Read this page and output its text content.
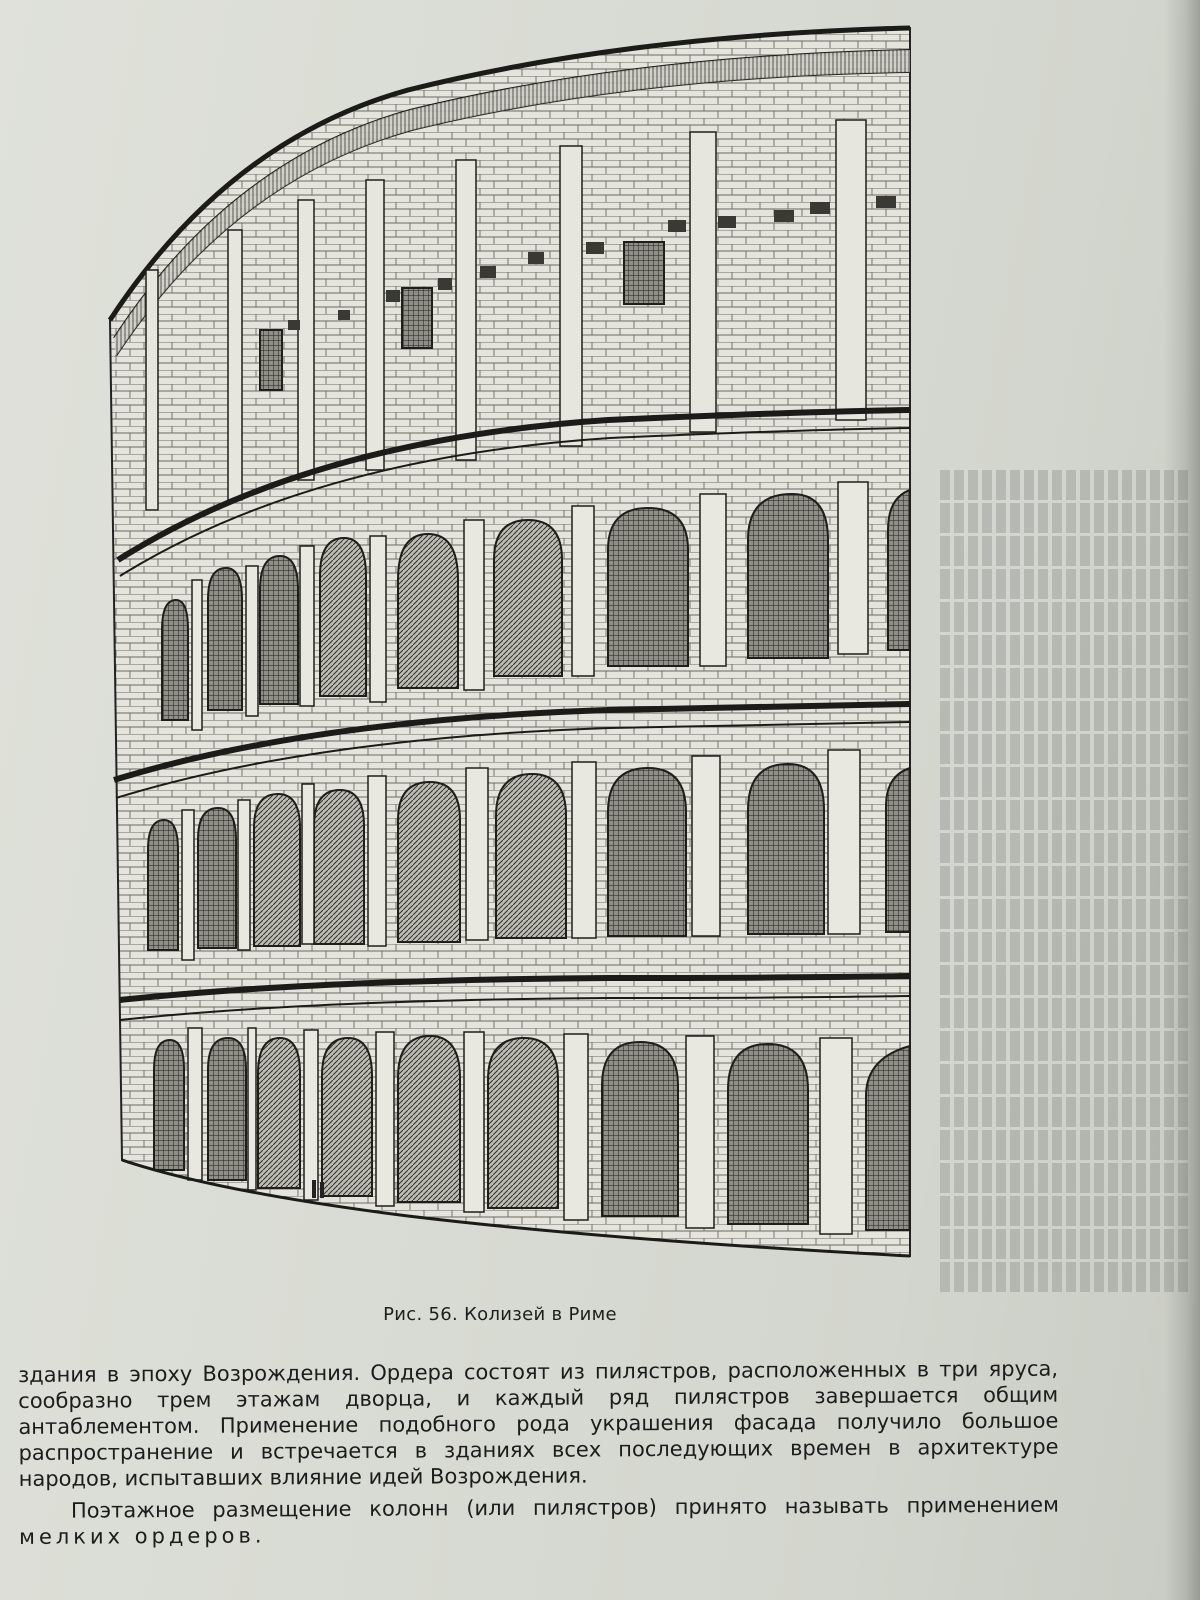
Рис. 56. Колизей в Риме

здания в эпоху Возрождения. Ордера состоят из пилястров, расположенных в три яруса, сообразно трем этажам дворца, и каждый ряд пилястров завершается общим антаблементом. Применение подобного рода украшения фасада получило большое распространение и встречается в зданиях всех последующих времен в архитектуре народов, испытавших влияние идей Возрождения.

Поэтажное размещение колонн (или пилястров) принято называть применением мелких ордеров.
